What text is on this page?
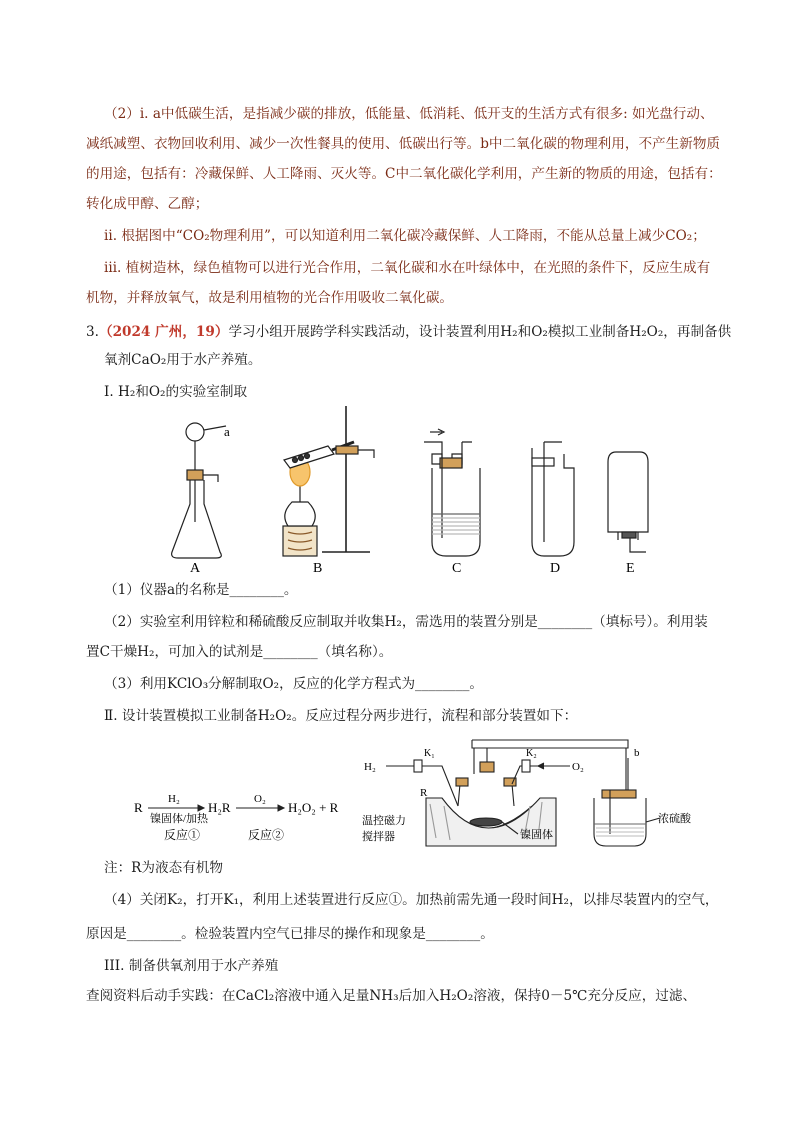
（2）ⅰ. a中低碳生活，是指减少碳的排放，低能量、低消耗、低开支的生活方式有很多: 如光盘行动、
减纸减塑、衣物回收利用、减少一次性餐具的使用、低碳出行等。b中二氧化碳的物理利用，不产生新物质
的用途，包括有：冷藏保鲜、人工降雨、灭火等。C中二氧化碳化学利用，产生新的物质的用途，包括有：
转化成甲醇、乙醇；
ⅱ. 根据图中“CO₂物理利用”，可以知道利用二氧化碳冷藏保鲜、人工降雨，不能从总量上减少CO₂；
ⅲ. 植树造林，绿色植物可以进行光合作用，二氧化碳和水在叶绿体中，在光照的条件下，反应生成有
机物，并释放氧气，故是利用植物的光合作用吸收二氧化碳。
3.（2024 广州，19）学习小组开展跨学科实践活动，设计装置利用H₂和O₂模拟工业制备H₂O₂，再制备供
氧剂CaO₂用于水产养殖。
Ⅰ. H₂和O₂的实验室制取
a
A	B	C	D	E
（1）仪器a的名称是________。
（2）实验室利用锌粒和稀硫酸反应制取并收集H₂，需选用的装置分别是________（填标号）。利用装
置C干燥H₂，可加入的试剂是________（填名称）。
（3）利用KClO₃分解制取O₂，反应的化学方程式为________。
Ⅱ. 设计装置模拟工业制备H₂O₂。反应过程分两步进行，流程和部分装置如下：
R
H₂
镍固体/加热
H₂R
O₂
H₂O₂ + R
反应①	反应②
H₂
K₁	K₂
O₂
b
R
温控磁力
搅拌器	镍固体
浓硫酸
注：R为液态有机物
（4）关闭K₂，打开K₁，利用上述装置进行反应①。加热前需先通一段时间H₂，以排尽装置内的空气，
原因是________。检验装置内空气已排尽的操作和现象是________。
III. 制备供氧剂用于水产养殖
查阅资料后动手实践：在CaCl₂溶液中通入足量NH₃后加入H₂O₂溶液，保持0－5℃充分反应，过滤、
